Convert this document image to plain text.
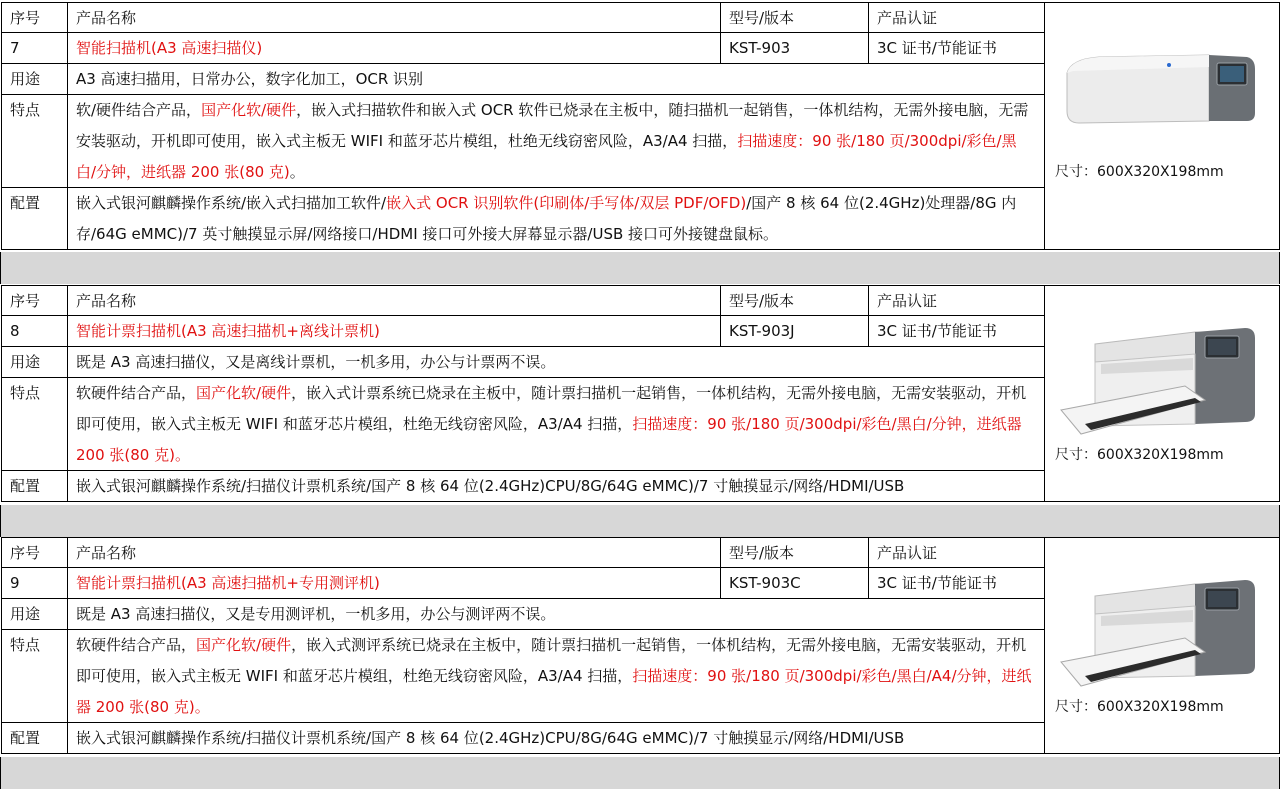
序号	产品名称	型号/版本	产品认证
7	智能扫描机(A3 高速扫描仪)	KST-903	3C 证书/节能证书
用途	A3 高速扫描用，日常办公，数字化加工，OCR 识别
特点	软/硬件结合产品，国产化软/硬件，嵌入式扫描软件和嵌入式 OCR 软件已烧录在主板中，随扫描机一起销售，一体机结构，无需外接电脑，无需安装驱动，开机即可使用，嵌入式主板无 WIFI 和蓝牙芯片模组，杜绝无线窃密风险，A3/A4 扫描，扫描速度：90 张/180 页/300dpi/彩色/黑白/分钟，进纸器 200 张(80 克)。
配置	嵌入式银河麒麟操作系统/嵌入式扫描加工软件/嵌入式 OCR 识别软件(印刷体/手写体/双层 PDF/OFD)/国产 8 核 64 位(2.4GHz)处理器/8G 内存/64G eMMC)/7 英寸触摸显示屏/网络接口/HDMI 接口可外接大屏幕显示器/USB 接口可外接键盘鼠标。
尺寸：600X320X198mm
序号	产品名称	型号/版本	产品认证
8	智能计票扫描机(A3 高速扫描机+离线计票机)	KST-903J	3C 证书/节能证书
用途	既是 A3 高速扫描仪，又是离线计票机，一机多用，办公与计票两不误。
特点	软硬件结合产品，国产化软/硬件，嵌入式计票系统已烧录在主板中，随计票扫描机一起销售，一体机结构，无需外接电脑，无需安装驱动，开机即可使用，嵌入式主板无 WIFI 和蓝牙芯片模组，杜绝无线窃密风险，A3/A4 扫描，扫描速度：90 张/180 页/300dpi/彩色/黑白/分钟，进纸器 200 张(80 克)。
配置	嵌入式银河麒麟操作系统/扫描仪计票机系统/国产 8 核 64 位(2.4GHz)CPU/8G/64G eMMC)/7 寸触摸显示/网络/HDMI/USB
尺寸：600X320X198mm
序号	产品名称	型号/版本	产品认证
9	智能计票扫描机(A3 高速扫描机+专用测评机)	KST-903C	3C 证书/节能证书
用途	既是 A3 高速扫描仪，又是专用测评机，一机多用，办公与测评两不误。
特点	软硬件结合产品，国产化软/硬件，嵌入式测评系统已烧录在主板中，随计票扫描机一起销售，一体机结构，无需外接电脑，无需安装驱动，开机即可使用，嵌入式主板无 WIFI 和蓝牙芯片模组，杜绝无线窃密风险，A3/A4 扫描，扫描速度：90 张/180 页/300dpi/彩色/黑白/A4/分钟，进纸器 200 张(80 克)。
配置	嵌入式银河麒麟操作系统/扫描仪计票机系统/国产 8 核 64 位(2.4GHz)CPU/8G/64G eMMC)/7 寸触摸显示/网络/HDMI/USB
尺寸：600X320X198mm
